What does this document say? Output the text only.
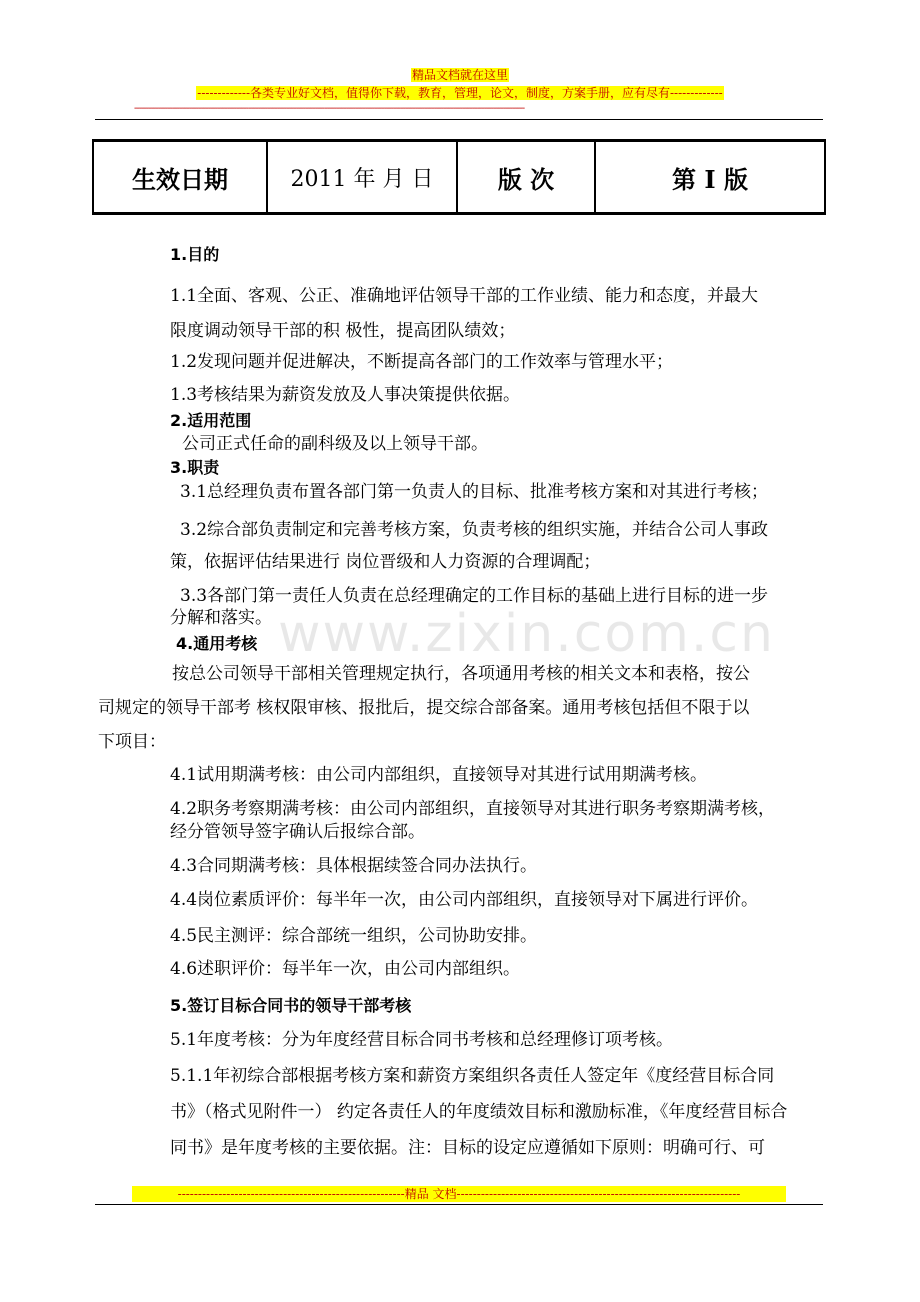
精品文档就在这里
-------------各类专业好文档，值得你下载，教育，管理，论文，制度，方案手册，应有尽有-------------
--------------------------------------------------------------------------------------------------------------------------------------------------------------------
生效日期	2011 年 月 日	版 次	第 I 版
1.目的
1.1全面、客观、公正、准确地评估领导干部的工作业绩、能力和态度，并最大
限度调动领导干部的积 极性，提高团队绩效；
1.2发现问题并促进解决，不断提高各部门的工作效率与管理水平；
1.3考核结果为薪资发放及人事决策提供依据。
2.适用范围
公司正式任命的副科级及以上领导干部。
3.职责
3.1总经理负责布置各部门第一负责人的目标、批准考核方案和对其进行考核；
3.2综合部负责制定和完善考核方案，负责考核的组织实施，并结合公司人事政
策，依据评估结果进行 岗位晋级和人力资源的合理调配；
3.3各部门第一责任人负责在总经理确定的工作目标的基础上进行目标的进一步
分解和落实。
4.通用考核
按总公司领导干部相关管理规定执行，各项通用考核的相关文本和表格，按公
司规定的领导干部考 核权限审核、报批后，提交综合部备案。通用考核包括但不限于以
下项目：
4.1试用期满考核：由公司内部组织，直接领导对其进行试用期满考核。
4.2职务考察期满考核：由公司内部组织，直接领导对其进行职务考察期满考核，
经分管领导签字确认后报综合部。
4.3合同期满考核：具体根据续签合同办法执行。
4.4岗位素质评价：每半年一次，由公司内部组织，直接领导对下属进行评价。
4.5民主测评：综合部统一组织，公司协助安排。
4.6述职评价：每半年一次，由公司内部组织。
5.签订目标合同书的领导干部考核
5.1年度考核：分为年度经营目标合同书考核和总经理修订项考核。
5.1.1年初综合部根据考核方案和薪资方案组织各责任人签定年《度经营目标合同
书》（格式见附件一） 约定各责任人的年度绩效目标和激励标准，《年度经营目标合
同书》是年度考核的主要依据。注：目标的设定应遵循如下原则：明确可行、可
www.zixin.com.cn
--------------------------------------------------------精品 文档----------------------------------------------------------------------
